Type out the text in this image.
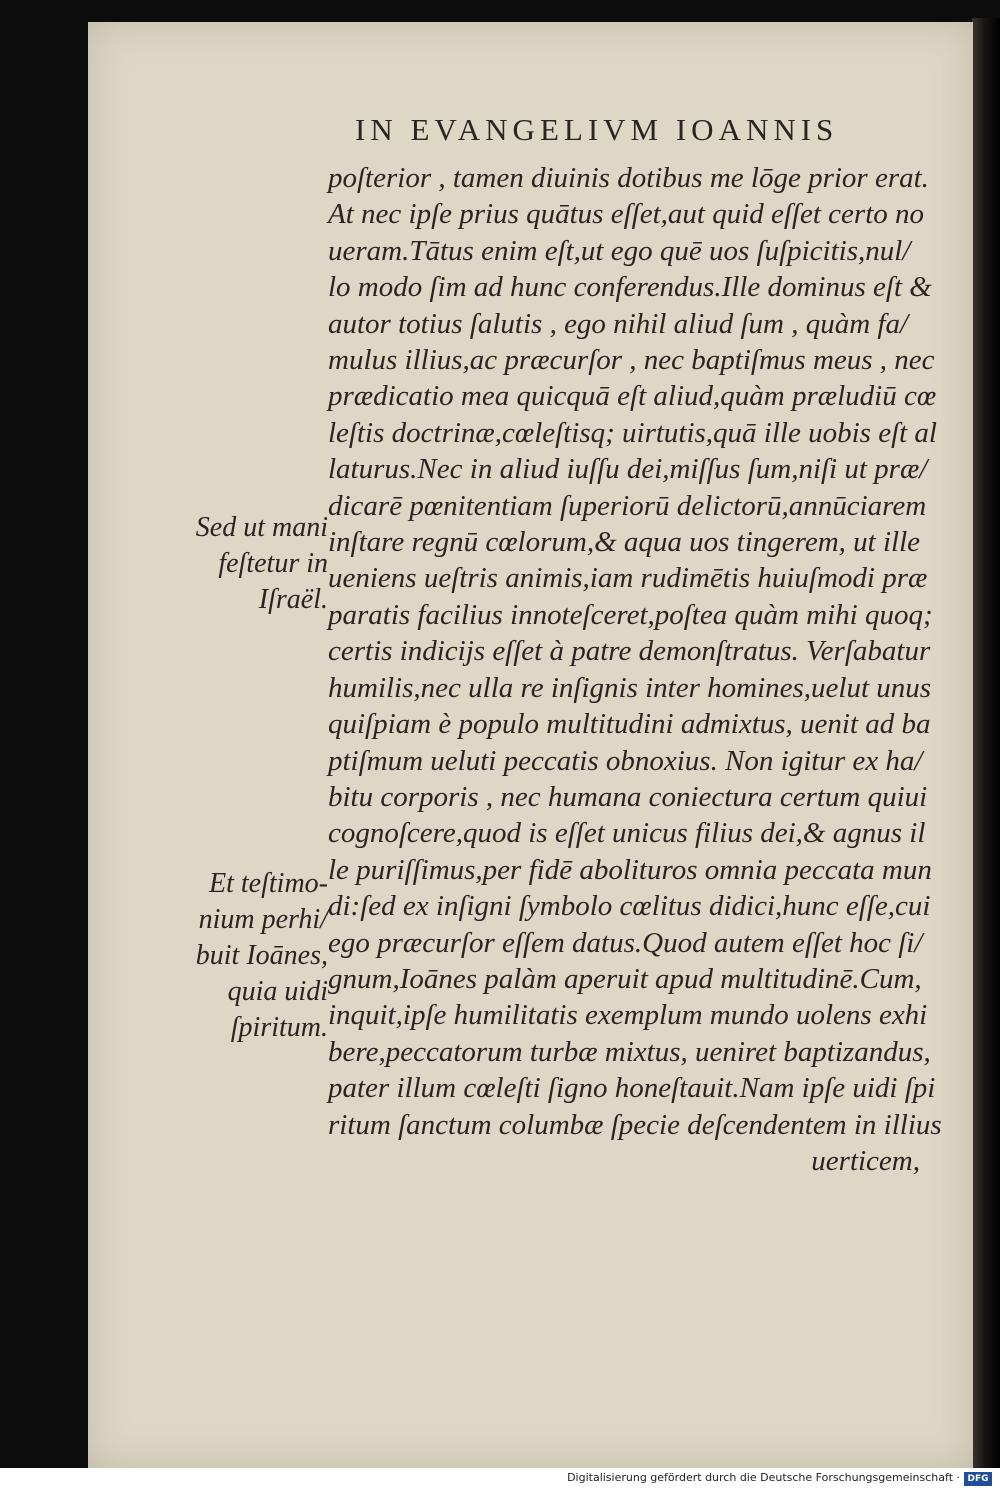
IN EVANGELIVM IOANNIS
poſterior , tamen diuinis dotibus me lōge prior erat.
At nec ipſe prius quātus eſſet,aut quid eſſet certo no
ueram.Tātus enim eſt,ut ego quē uos ſuſpicitis,nul/
lo modo ſim ad hunc conferendus.Ille dominus eſt &
autor totius ſalutis , ego nihil aliud ſum , quàm fa/
mulus illius,ac præcurſor , nec baptiſmus meus , nec
prædicatio mea quicquā eſt aliud,quàm præludiū cœ
leſtis doctrinæ,cœleſtisq; uirtutis,quā ille uobis eſt al
laturus.Nec in aliud iuſſu dei,miſſus ſum,niſi ut præ/
dicarē pœnitentiam ſuperiorū delictorū,annūciarem
inſtare regnū cœlorum,& aqua uos tingerem, ut ille
ueniens ueſtris animis,iam rudimētis huiuſmodi præ
paratis facilius innoteſceret,poſtea quàm mihi quoq;
certis indicijs eſſet à patre demonſtratus. Verſabatur
humilis,nec ulla re inſignis inter homines,uelut unus
quiſpiam è populo multitudini admixtus, uenit ad ba
ptiſmum ueluti peccatis obnoxius. Non igitur ex ha/
bitu corporis , nec humana coniectura certum quiui
cognoſcere,quod is eſſet unicus filius dei,& agnus il
le puriſſimus,per fidē abolituros omnia peccata mun
di:ſed ex inſigni ſymbolo cœlitus didici,hunc eſſe,cui
ego præcurſor eſſem datus.Quod autem eſſet hoc ſi/
gnum,Ioānes palàm aperuit apud multitudinē.Cum,
inquit,ipſe humilitatis exemplum mundo uolens exhi
bere,peccatorum turbæ mixtus, ueniret baptizandus,
pater illum cœleſti ſigno honeſtauit.Nam ipſe uidi ſpi
ritum ſanctum columbæ ſpecie deſcendentem in illius
uerticem,
Sed ut mani
feſtetur in
Iſraël.
Et teſtimo-
nium perhi/
buit Ioānes,
quia uidi
ſpiritum.
Digitalisierung gefördert durch die Deutsche Forschungsgemeinschaft · DFG
